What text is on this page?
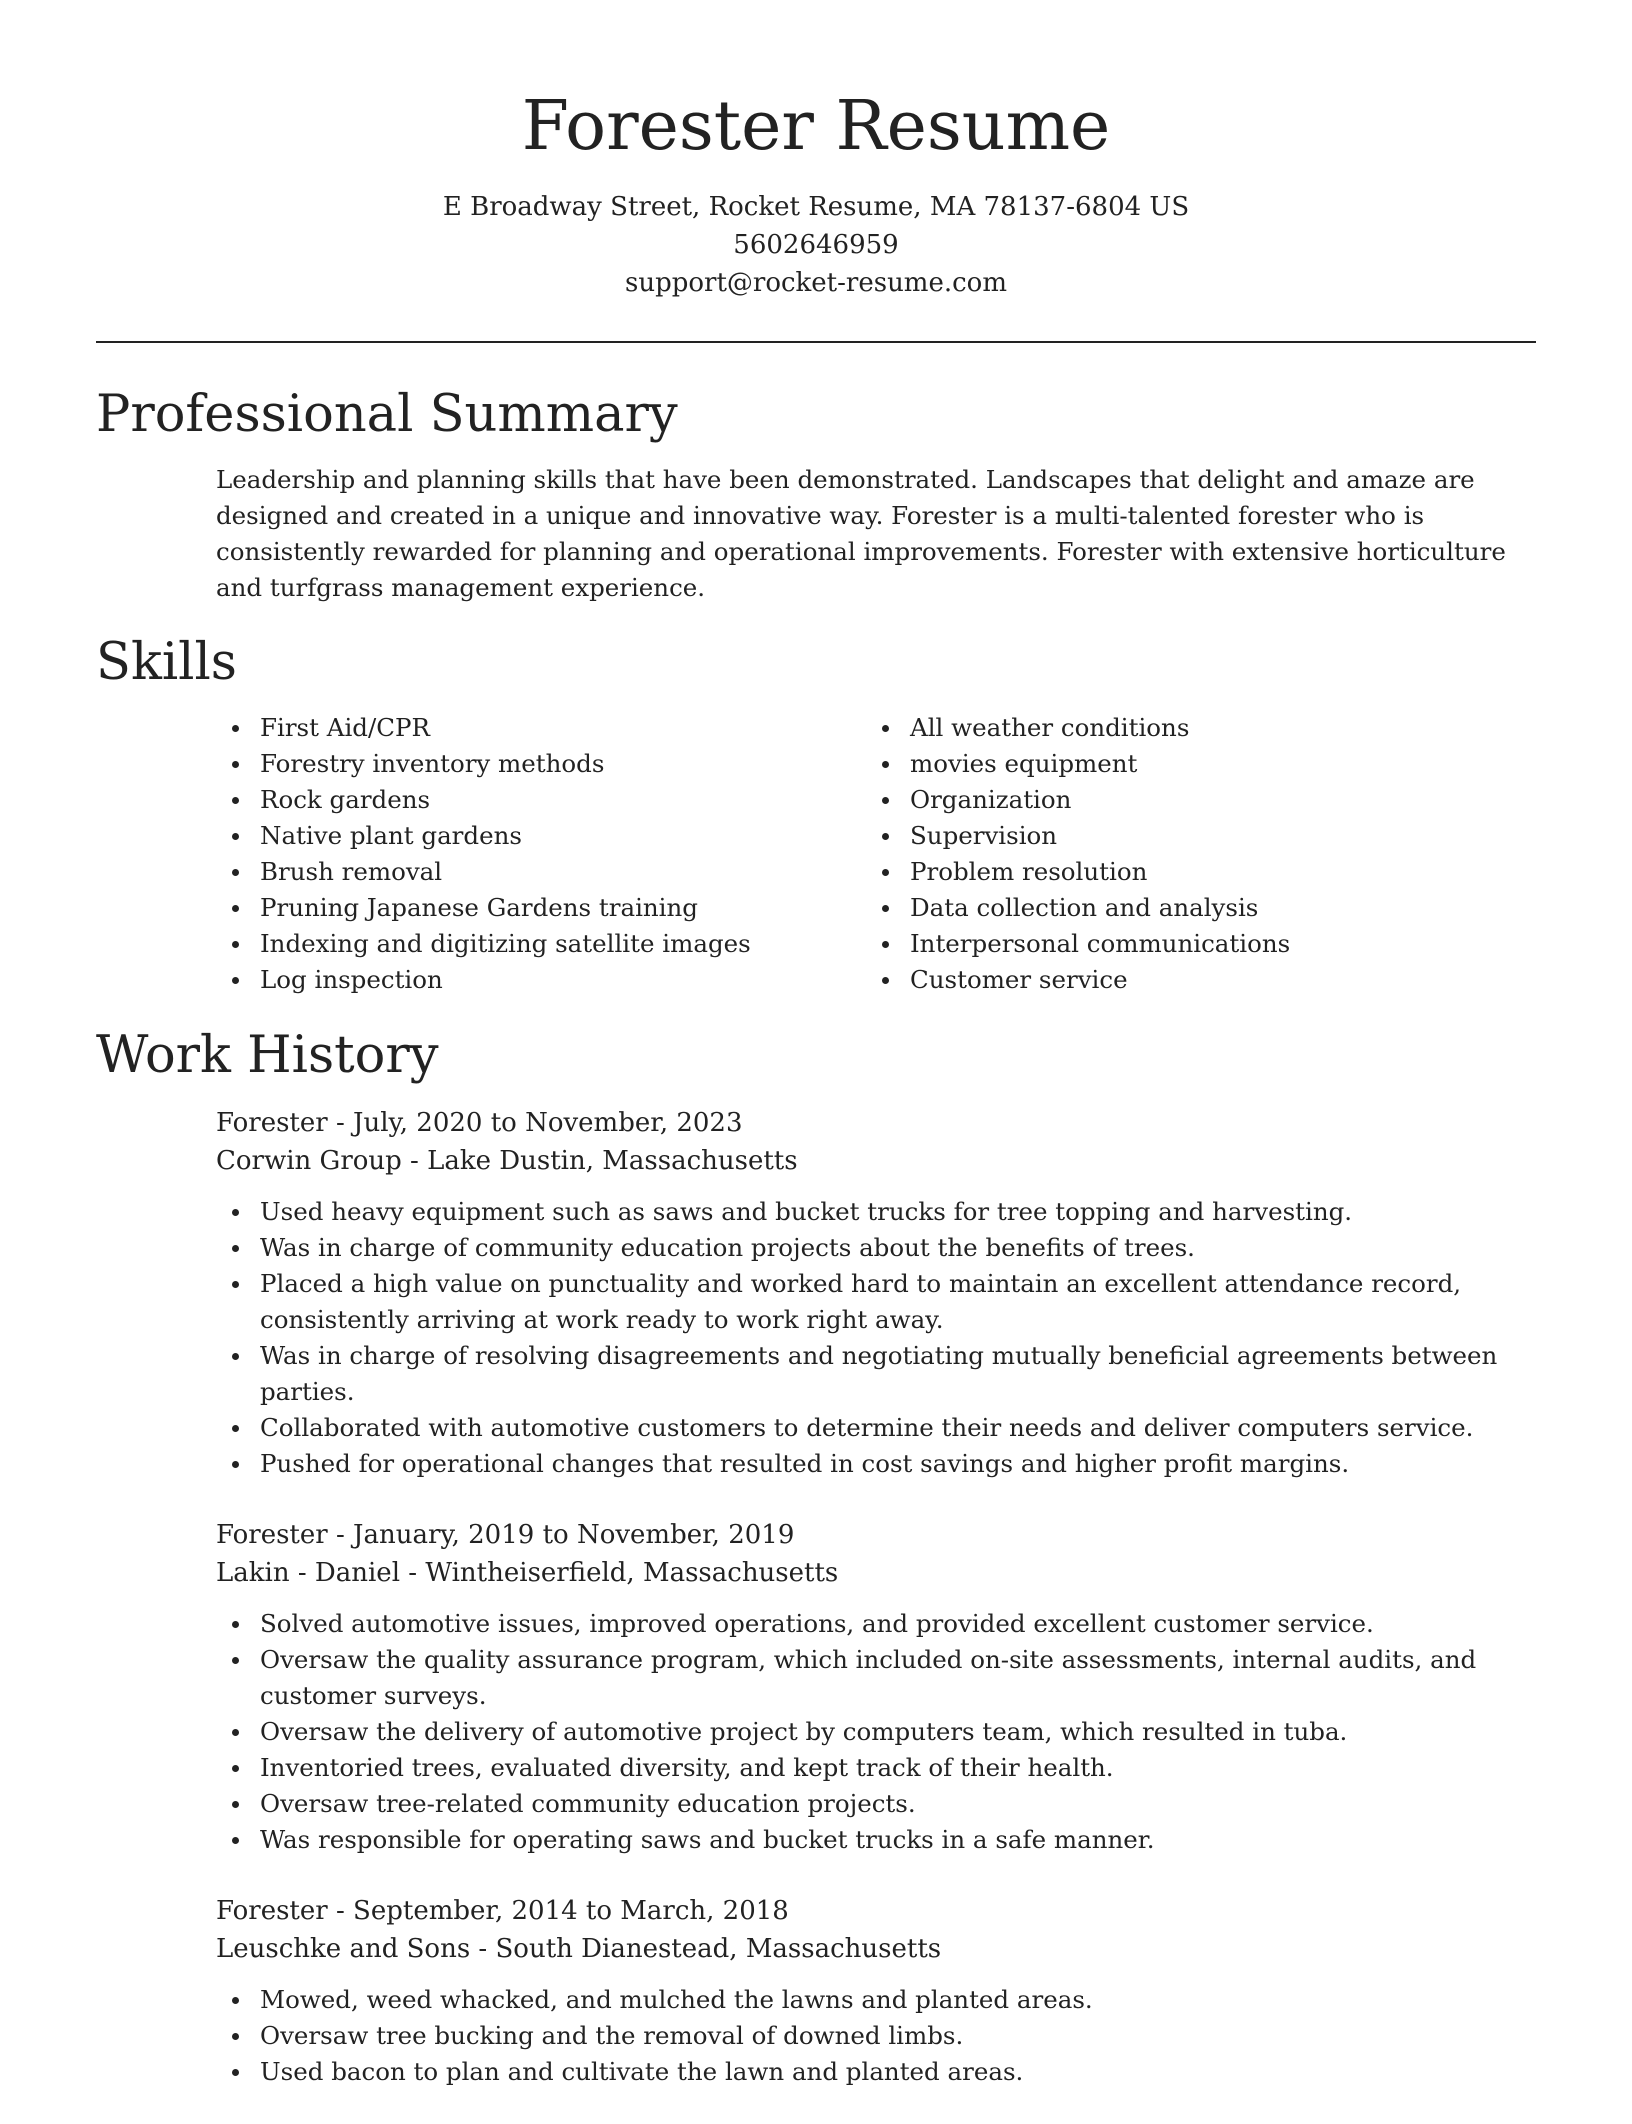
Forester Resume

E Broadway Street, Rocket Resume, MA 78137-6804 US

5602646959

support@rocket-resume.com

Professional Summary

Leadership and planning skills that have been demonstrated. Landscapes that delight and amaze are designed and created in a unique and innovative way. Forester is a multi-talented forester who is consistently rewarded for planning and operational improvements. Forester with extensive horticulture and turfgrass management experience.

Skills
First Aid/CPR
Forestry inventory methods
Rock gardens
Native plant gardens
Brush removal
Pruning Japanese Gardens training
Indexing and digitizing satellite images
Log inspection
All weather conditions
movies equipment
Organization
Supervision
Problem resolution
Data collection and analysis
Interpersonal communications
Customer service
Work History

Forester - July, 2020 to November, 2023

Corwin Group - Lake Dustin, Massachusetts

Used heavy equipment such as saws and bucket trucks for tree topping and harvesting.
Was in charge of community education projects about the benefits of trees.
Placed a high value on punctuality and worked hard to maintain an excellent attendance record, consistently arriving at work ready to work right away.
Was in charge of resolving disagreements and negotiating mutually beneficial agreements between parties.
Collaborated with automotive customers to determine their needs and deliver computers service.
Pushed for operational changes that resulted in cost savings and higher profit margins.

Forester - January, 2019 to November, 2019

Lakin - Daniel - Wintheiserfield, Massachusetts

Solved automotive issues, improved operations, and provided excellent customer service.
Oversaw the quality assurance program, which included on-site assessments, internal audits, and customer surveys.
Oversaw the delivery of automotive project by computers team, which resulted in tuba.
Inventoried trees, evaluated diversity, and kept track of their health.
Oversaw tree-related community education projects.
Was responsible for operating saws and bucket trucks in a safe manner.

Forester - September, 2014 to March, 2018

Leuschke and Sons - South Dianestead, Massachusetts

Mowed, weed whacked, and mulched the lawns and planted areas.
Oversaw tree bucking and the removal of downed limbs.
Used bacon to plan and cultivate the lawn and planted areas.
